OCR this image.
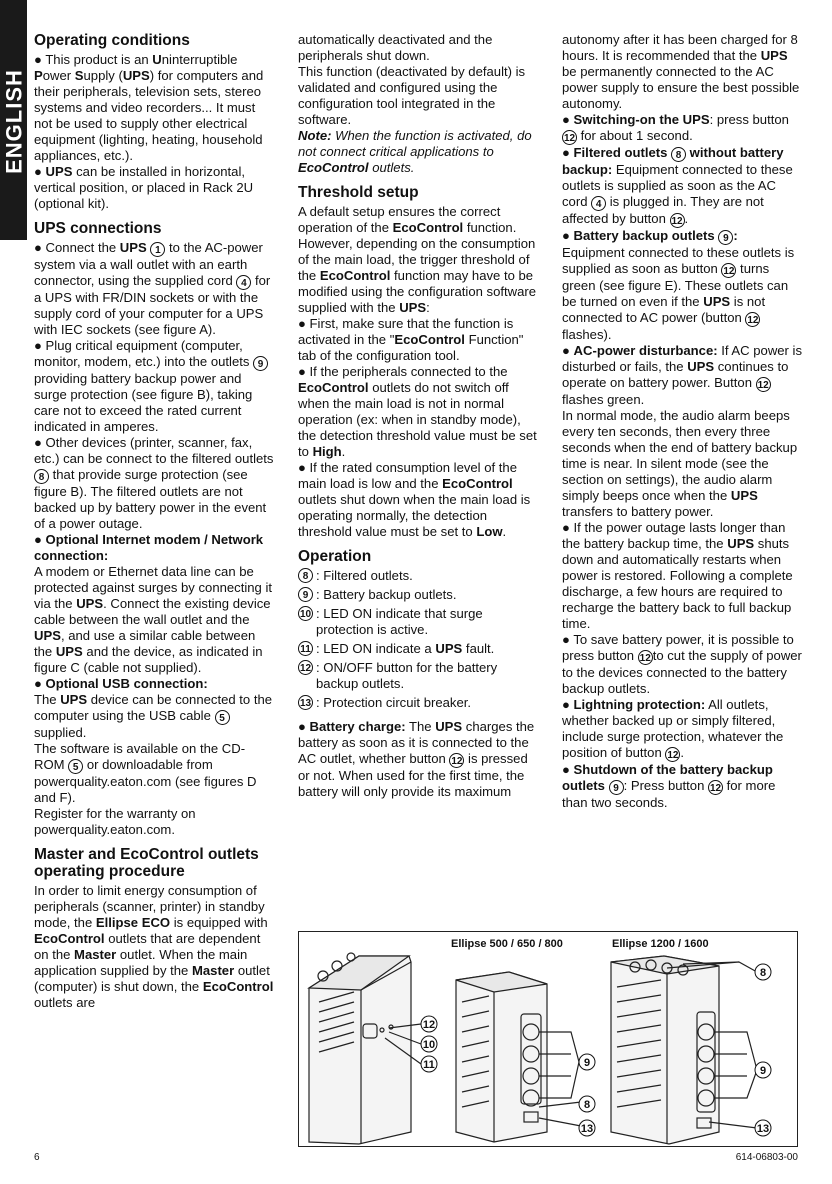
ENGLISH
Operating conditions

● This product is an Uninterruptible Power Supply (UPS) for computers and their peripherals, television sets, stereo systems and video recorders... It must not be used to supply other electrical equipment (lighting, heating, household appliances, etc.).

● UPS can be installed in horizontal, vertical position, or placed in Rack 2U (optional kit).

UPS connections

● Connect the UPS 1 to the AC-power system via a wall outlet with an earth connector, using the supplied cord 4 for a UPS with FR/DIN sockets or with the supply cord of your computer for a UPS with IEC sockets (see figure A).

● Plug critical equipment (computer, monitor, modem, etc.) into the outlets 9 providing battery backup power and surge protection (see figure B), taking care not to exceed the rated current indicated in amperes.

● Other devices (printer, scanner, fax, etc.) can be connect to the filtered outlets 8 that provide surge protection (see figure B). The filtered outlets are not backed up by battery power in the event of a power outage.

● Optional Internet modem / Network connection:

A modem or Ethernet data line can be protected against surges by connecting it via the UPS. Connect the existing device cable between the wall outlet and the UPS, and use a similar cable between the UPS and the device, as indicated in figure C (cable not supplied).

● Optional USB connection:

The UPS device can be connected to the computer using the USB cable 5 supplied.

The software is available on the CD-ROM 5 or downloadable from powerquality.eaton.com (see figures D and F).

Register for the warranty on powerquality.eaton.com.

Master and EcoControl outlets operating procedure

In order to limit energy consumption of peripherals (scanner, printer) in standby mode, the Ellipse ECO is equipped with EcoControl outlets that are dependent on the Master outlet. When the main application supplied by the Master outlet (computer) is shut down, the EcoControl outlets are

automatically deactivated and the peripherals shut down.

This function (deactivated by default) is validated and configured using the configuration tool integrated in the software.

Note: When the function is activated, do not connect critical applications to EcoControl outlets.

Threshold setup

A default setup ensures the correct operation of the EcoControl function. However, depending on the consumption of the main load, the trigger threshold of the EcoControl function may have to be modified using the configuration software supplied with the UPS:

● First, make sure that the function is activated in the "EcoControl Function" tab of the configuration tool.

● If the peripherals connected to the EcoControl outlets do not switch off when the main load is not in normal operation (ex: when in standby mode), the detection threshold value must be set to High.

● If the rated consumption level of the main load is low and the EcoControl outlets shut down when the main load is operating normally, the detection threshold value must be set to Low.

Operation
8 : Filtered outlets.
9 : Battery backup outlets.
10 : LED ON indicate that surge protection is active.
11 : LED ON indicate a UPS fault.
12 : ON/OFF button for the battery backup outlets.
13 : Protection circuit breaker.

● Battery charge: The UPS charges the battery as soon as it is connected to the AC outlet, whether button 12 is pressed or not. When used for the first time, the battery will only provide its maximum

autonomy after it has been charged for 8 hours. It is recommended that the UPS be permanently connected to the AC power supply to ensure the best possible autonomy.

● Switching-on the UPS: press button 12 for about 1 second.

● Filtered outlets 8 without battery backup: Equipment connected to these outlets is supplied as soon as the AC cord 4 is plugged in. They are not affected by button 12 .

● Battery backup outlets 9 : Equipment connected to these outlets is supplied as soon as button 12 turns green (see figure E). These outlets can be turned on even if the UPS is not connected to AC power (button 12 flashes).

● AC-power disturbance: If AC power is disturbed or fails, the UPS continues to operate on battery power. Button 12 flashes green.

In normal mode, the audio alarm beeps every ten seconds, then every three seconds when the end of battery backup time is near. In silent mode (see the section on settings), the audio alarm simply beeps once when the UPS transfers to battery power.

● If the power outage lasts longer than the battery backup time, the UPS shuts down and automatically restarts when power is restored. Following a complete discharge, a few hours are required to recharge the battery back to full backup time.

● To save battery power, it is possible to press button 12 to cut the supply of power to the devices connected to the battery backup outlets.

● Lightning protection: All outlets, whether backed up or simply filtered, include surge protection, whatever the position of button 12 .

● Shutdown of the battery backup outlets 9 : Press button 12 for more than two seconds.

Ellipse 500 / 650 / 800	Ellipse 1200 / 1600
12
10
11	9
8
13
8
9
13
6	614-06803-00
